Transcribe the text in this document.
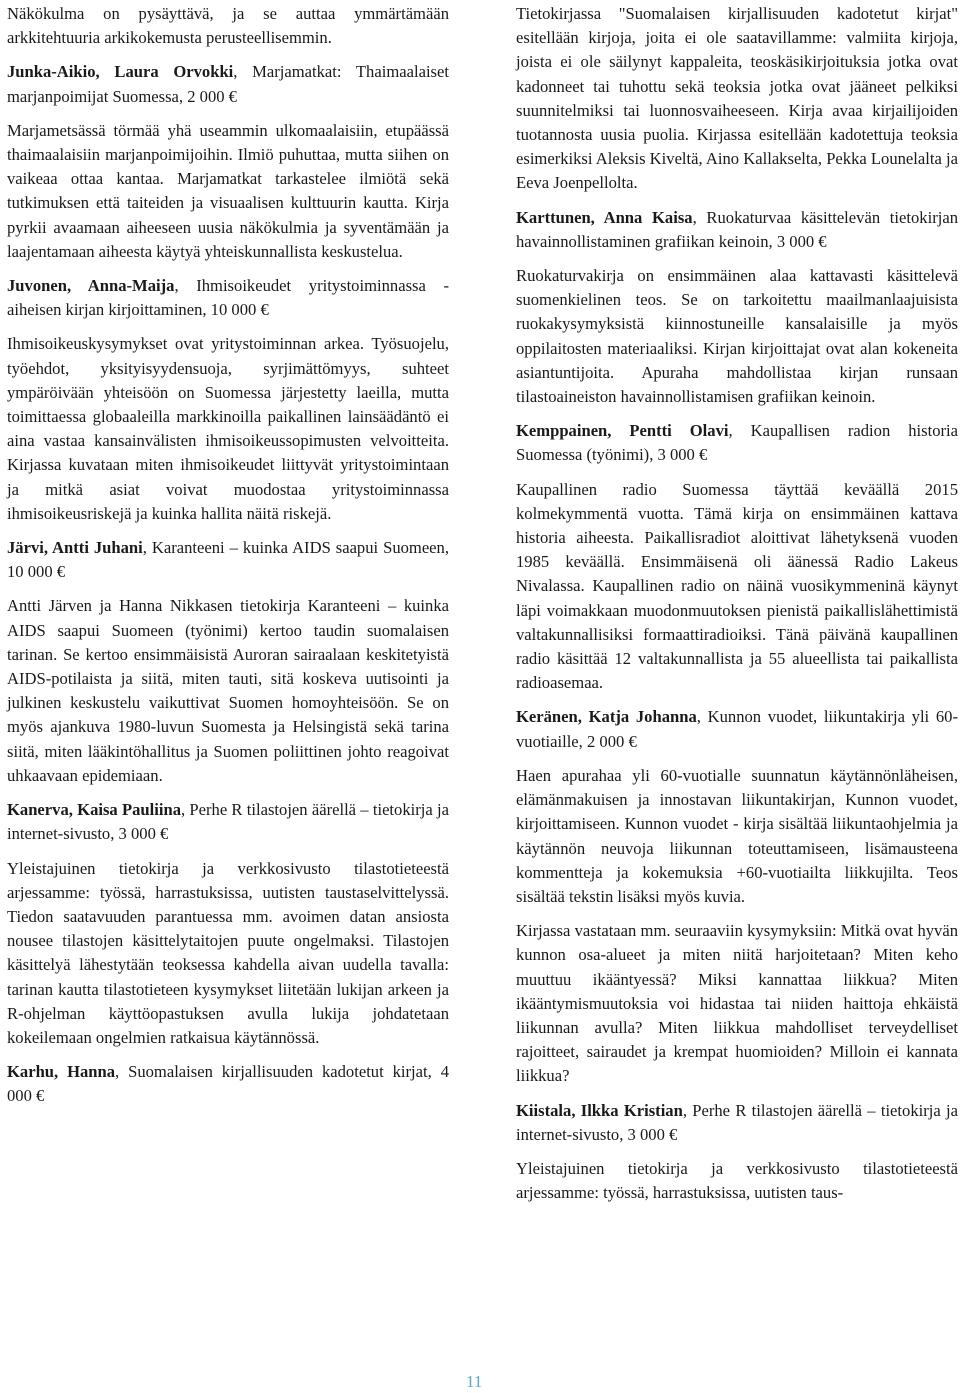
Näkökulma on pysäyttävä, ja se auttaa ymmärtämään arkkitehtuuria arkikokemusta perusteellisemmin.

Junka-Aikio, Laura Orvokki, Marjamatkat: Thaimaalaiset marjanpoimijat Suomessa, 2 000 €

Marjametsässä törmää yhä useammin ulkomaalaisiin, etupäässä thaimaalaisiin marjanpoimijoihin. Ilmiö puhuttaa, mutta siihen on vaikeaa ottaa kantaa. Marjamatkat tarkastelee ilmiötä sekä tutkimuksen että taiteiden ja visuaalisen kulttuurin kautta. Kirja pyrkii avaamaan aiheeseen uusia näkökulmia ja syventämään ja laajentamaan aiheesta käytyä yhteiskunnallista keskustelua.

Juvonen, Anna-Maija, Ihmisoikeudet yritystoiminnassa -aiheisen kirjan kirjoittaminen, 10 000 €

Ihmisoikeuskysymykset ovat yritystoiminnan arkea. Työsuojelu, työehdot, yksityisyydensuoja, syrjimättömyys, suhteet ympäröivään yhteisöön on Suomessa järjestetty laeilla, mutta toimittaessa globaaleilla markkinoilla paikallinen lainsäädäntö ei aina vastaa kansainvälisten ihmisoikeussopimusten velvoitteita. Kirjassa kuvataan miten ihmisoikeudet liittyvät yritystoimintaan ja mitkä asiat voivat muodostaa yritystoiminnassa ihmisoikeusriskejä ja kuinka hallita näitä riskejä.

Järvi, Antti Juhani, Karanteeni – kuinka AIDS saapui Suomeen, 10 000 €

Antti Järven ja Hanna Nikkasen tietokirja Karanteeni – kuinka AIDS saapui Suomeen (työnimi) kertoo taudin suomalaisen tarinan. Se kertoo ensimmäisistä Auroran sairaalaan keskitetyistä AIDS-potilaista ja siitä, miten tauti, sitä koskeva uutisointi ja julkinen keskustelu vaikuttivat Suomen homoyhteisöön. Se on myös ajankuva 1980-luvun Suomesta ja Helsingistä sekä tarina siitä, miten lääkintöhallitus ja Suomen poliittinen johto reagoivat uhkaavaan epidemiaan.

Kanerva, Kaisa Pauliina, Perhe R tilastojen äärellä – tietokirja ja internet-sivusto, 3 000 €

Yleistajuinen tietokirja ja verkkosivusto tilastotieteestä arjessamme: työssä, harrastuksissa, uutisten taustaselvittelyssä. Tiedon saatavuuden parantuessa mm. avoimen datan ansiosta nousee tilastojen käsittelytaitojen puute ongelmaksi. Tilastojen käsittelyä lähestytään teoksessa kahdella aivan uudella tavalla: tarinan kautta tilastotieteen kysymykset liitetään lukijan arkeen ja R-ohjelman käyttöopastuksen avulla lukija johdatetaan kokeilemaan ongelmien ratkaisua käytännössä.

Karhu, Hanna, Suomalaisen kirjallisuuden kadotetut kirjat, 4 000 €

11

Tietokirjassa "Suomalaisen kirjallisuuden kadotetut kirjat" esitellään kirjoja, joita ei ole saatavillamme: valmiita kirjoja, joista ei ole säilynyt kappaleita, teoskäsikirjoituksia jotka ovat kadonneet tai tuhottu sekä teoksia jotka ovat jääneet pelkiksi suunnitelmiksi tai luonnosvaiheeseen. Kirja avaa kirjailijoiden tuotannosta uusia puolia. Kirjassa esitellään kadotettuja teoksia esimerkiksi Aleksis Kiveltä, Aino Kallakselta, Pekka Lounelalta ja Eeva Joenpellolta.

Karttunen, Anna Kaisa, Ruokaturvaa käsittelevän tietokirjan havainnollistaminen grafiikan keinoin, 3 000 €

Ruokaturvakirja on ensimmäinen alaa kattavasti käsittelevä suomenkielinen teos. Se on tarkoitettu maailmanlaajuisista ruokakysymyksistä kiinnostuneille kansalaisille ja myös oppilaitosten materiaaliksi. Kirjan kirjoittajat ovat alan kokeneita asiantuntijoita. Apuraha mahdollistaa kirjan runsaan tilastoaineiston havainnollistamisen grafiikan keinoin.

Kemppainen, Pentti Olavi, Kaupallisen radion historia Suomessa (työnimi), 3 000 €

Kaupallinen radio Suomessa täyttää keväällä 2015 kolmekymmentä vuotta. Tämä kirja on ensimmäinen kattava historia aiheesta. Paikallisradiot aloittivat lähetyksenä vuoden 1985 keväällä. Ensimmäisenä oli äänessä Radio Lakeus Nivalassa. Kaupallinen radio on näinä vuosikymmeninä käynyt läpi voimakkaan muodonmuutoksen pienistä paikallislähettimistä valtakunnallisiksi formaattiradioiksi. Tänä päivänä kaupallinen radio käsittää 12 valtakunnallista ja 55 alueellista tai paikallista radioasemaa.

Keränen, Katja Johanna, Kunnon vuodet, liikuntakirja yli 60-vuotiaille, 2 000 €

Haen apurahaa yli 60-vuotialle suunnatun käytännönläheisen, elämänmakuisen ja innostavan liikuntakirjan, Kunnon vuodet, kirjoittamiseen. Kunnon vuodet - kirja sisältää liikuntaohjelmia ja käytännön neuvoja liikunnan toteuttamiseen, lisämausteena kommentteja ja kokemuksia +60-vuotiailta liikkujilta. Teos sisältää tekstin lisäksi myös kuvia.

Kirjassa vastataan mm. seuraaviin kysymyksiin: Mitkä ovat hyvän kunnon osa-alueet ja miten niitä harjoitetaan? Miten keho muuttuu ikääntyessä? Miksi kannattaa liikkua? Miten ikääntymismuutoksia voi hidastaa tai niiden haittoja ehkäistä liikunnan avulla? Miten liikkua mahdolliset terveydelliset rajoitteet, sairaudet ja krempat huomioiden? Milloin ei kannata liikkua?

Kiistala, Ilkka Kristian, Perhe R tilastojen äärellä – tietokirja ja internet-sivusto, 3 000 €

Yleistajuinen tietokirja ja verkkosivusto tilastotieteestä arjessamme: työssä, harrastuksissa, uutisten taus-
